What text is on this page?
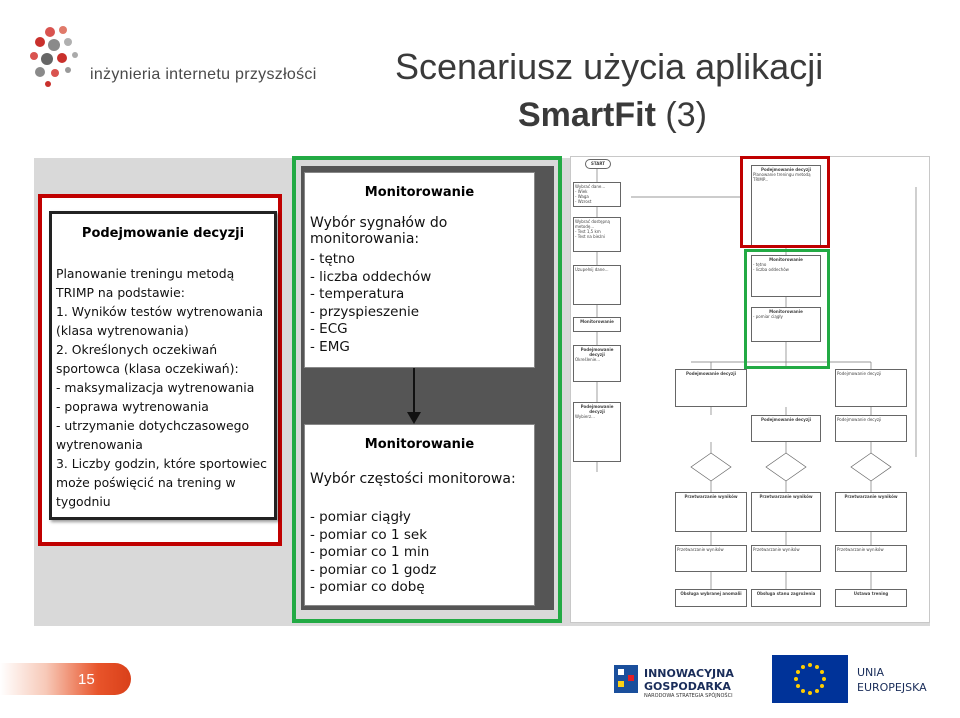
inżynieria internetu przyszłości Scenariusz użycia aplikacji
SmartFit (3)
Podejmowanie decyzji
Planowanie treningu metodą
TRIMP na podstawie:
1. Wyników testów wytrenowania
(klasa wytrenowania)
2. Określonych oczekiwań
sportowca (klasa oczekiwań):
- maksymalizacja wytrenowania
- poprawa wytrenowania
- utrzymanie dotychczasowego
wytrenowania
3. Liczby godzin, które sportowiec
może poświęcić na trening w
tygodniu
Monitorowanie
Wybór sygnałów do monitorowania:
- tętno
- liczba oddechów
- temperatura
- przyspieszenie
- ECG
- EMG
Monitorowanie
Wybór częstości monitorowa:
- pomiar ciągły
- pomiar co 1 sek
- pomiar co 1 min
- pomiar co 1 godz
- pomiar co dobę
START
Wybrać dane...
- Wiek
- Waga
- Wzrost
Wybrać dostępną metodę...
- Test 1,5 km
- Test na bieżni
Uzupełnij dane...
Monitorowanie
Podejmowanie decyzji
Określenie...
Podejmowanie decyzji
Wybierz...
Podejmowanie decyzji
Planowanie treningu metodą TRIMP...
Monitorowanie
- tętno
- liczba oddechów
Monitorowanie
- pomiar ciągły
Podejmowanie decyzji
Podejmowanie decyzji	Podejmowanie decyzji
Podejmowanie decyzji
Przetwarzanie wyników	Przetwarzanie wyników	Przetwarzanie wyników
Przetwarzanie wyników	Przetwarzanie wyników	Przetwarzanie wyników
Obsługa wybranej anomalii	Obsługa stanu zagrożenia	Ustawa trening
15	INNOWACYJNA
GOSPODARKA
NARODOWA STRATEGIA SPÓJNOŚCI
UNIA
EUROPEJSKA
